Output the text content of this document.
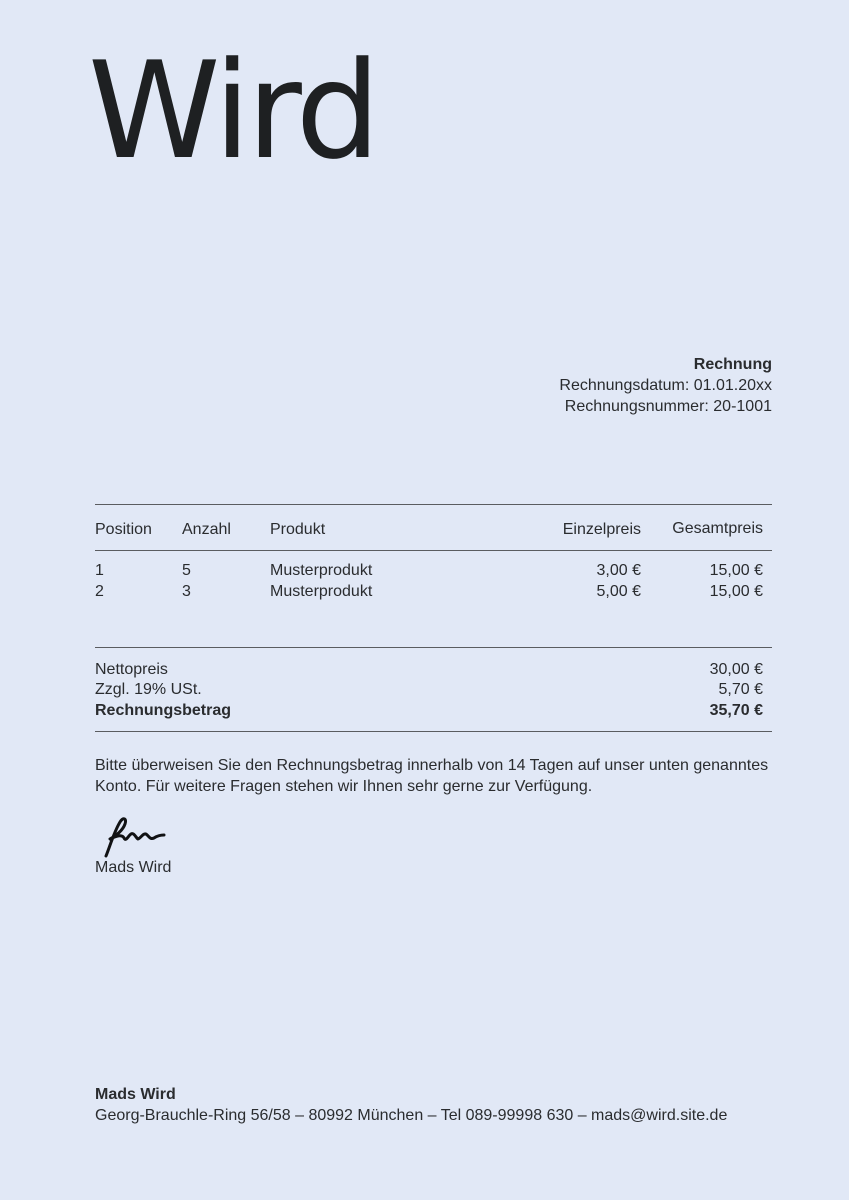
Wird
Rechnung
Rechnungsdatum: 01.01.20xx
Rechnungsnummer: 20-1001
Position Anzahl Produkt	Einzelpreis Gesamtpreis
1	5	Musterprodukt	3,00 €	15,00 €
2	3	Musterprodukt	5,00 €	15,00 €
Nettopreis	30,00 €
Zzgl. 19% USt.	5,70 €
Rechnungsbetrag	35,70 €
Bitte überweisen Sie den Rechnungsbetrag innerhalb von 14 Tagen auf unser unten genanntes Konto. Für weitere Fragen stehen wir Ihnen sehr gerne zur Verfügung.
Mads Wird
Mads Wird
Georg-Brauchle-Ring 56/58 – 80992 München – Tel 089-99998 630 – mads@wird.site.de
